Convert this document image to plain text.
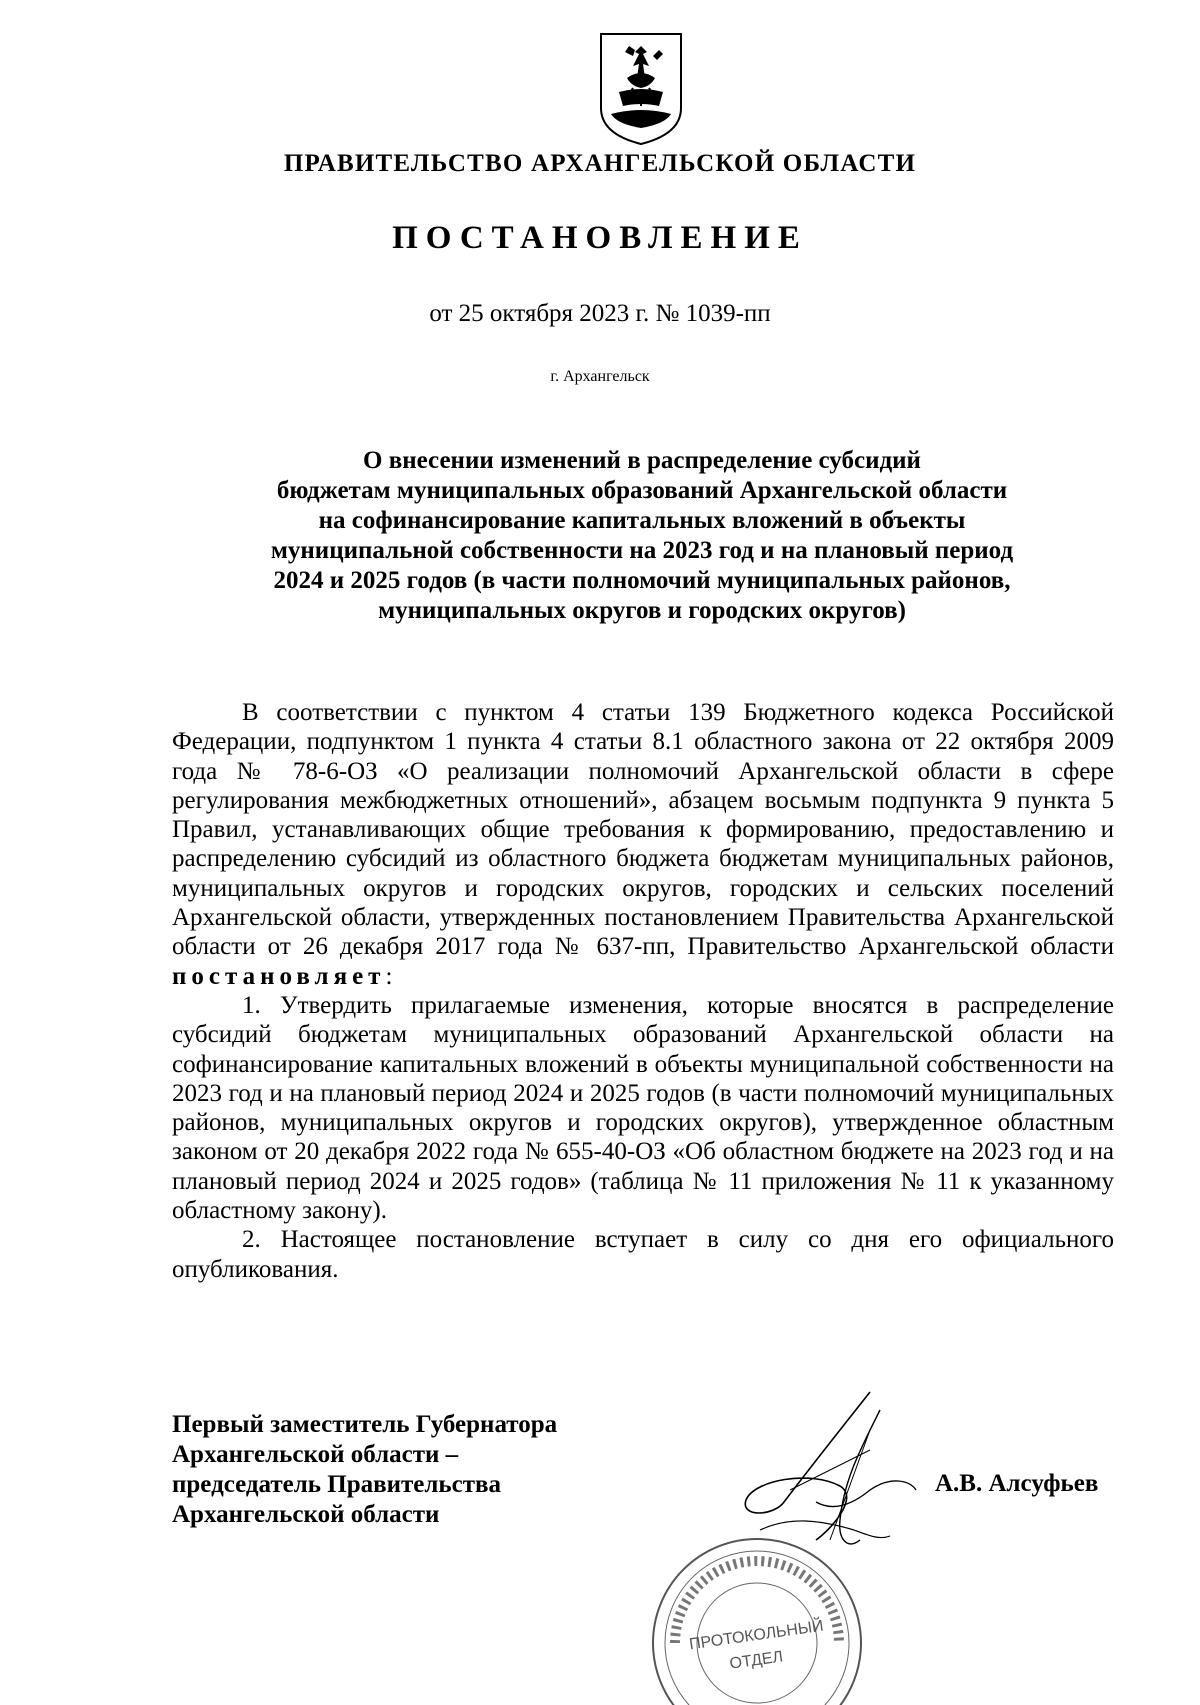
ПРАВИТЕЛЬСТВО АРХАНГЕЛЬСКОЙ ОБЛАСТИ
ПОСТАНОВЛЕНИЕ
от 25 октября 2023 г. № 1039-пп
г. Архангельск
О внесении изменений в распределение субсидий
бюджетам муниципальных образований Архангельской области
на софинансирование капитальных вложений в объекты
муниципальной собственности на 2023 год и на плановый период
2024 и 2025 годов (в части полномочий муниципальных районов,
муниципальных округов и городских округов)

В соответствии с пунктом 4 статьи 139 Бюджетного кодекса Российской Федерации, подпунктом 1 пункта 4 статьи 8.1 областного закона от 22 октября 2009 года № 78-6-ОЗ «О реализации полномочий Архангельской области в сфере регулирования межбюджетных отношений», абзацем восьмым подпункта 9 пункта 5 Правил, устанавливающих общие требования к формированию, предоставлению и распределению субсидий из областного бюджета бюджетам муниципальных районов, муниципальных округов и городских округов, городских и сельских поселений Архангельской области, утвержденных постановлением Правительства Архангельской области от 26 декабря 2017 года № 637-пп, Правительство Архангельской области постановляет:

1. Утвердить прилагаемые изменения, которые вносятся в распределение субсидий бюджетам муниципальных образований Архангельской области на софинансирование капитальных вложений в объекты муниципальной собственности на 2023 год и на плановый период 2024 и 2025 годов (в части полномочий муниципальных районов, муниципальных округов и городских округов), утвержденное областным законом от 20 декабря 2022 года № 655-40-ОЗ «Об областном бюджете на 2023 год и на плановый период 2024 и 2025 годов» (таблица № 11 приложения № 11 к указанному областному закону).

2. Настоящее постановление вступает в силу со дня его официального опубликования.

Первый заместитель Губернатора
Архангельской области –
председатель Правительства
Архангельской области
А.В. Алсуфьев
ПРОТОКОЛЬНЫЙ
ОТДЕЛ
